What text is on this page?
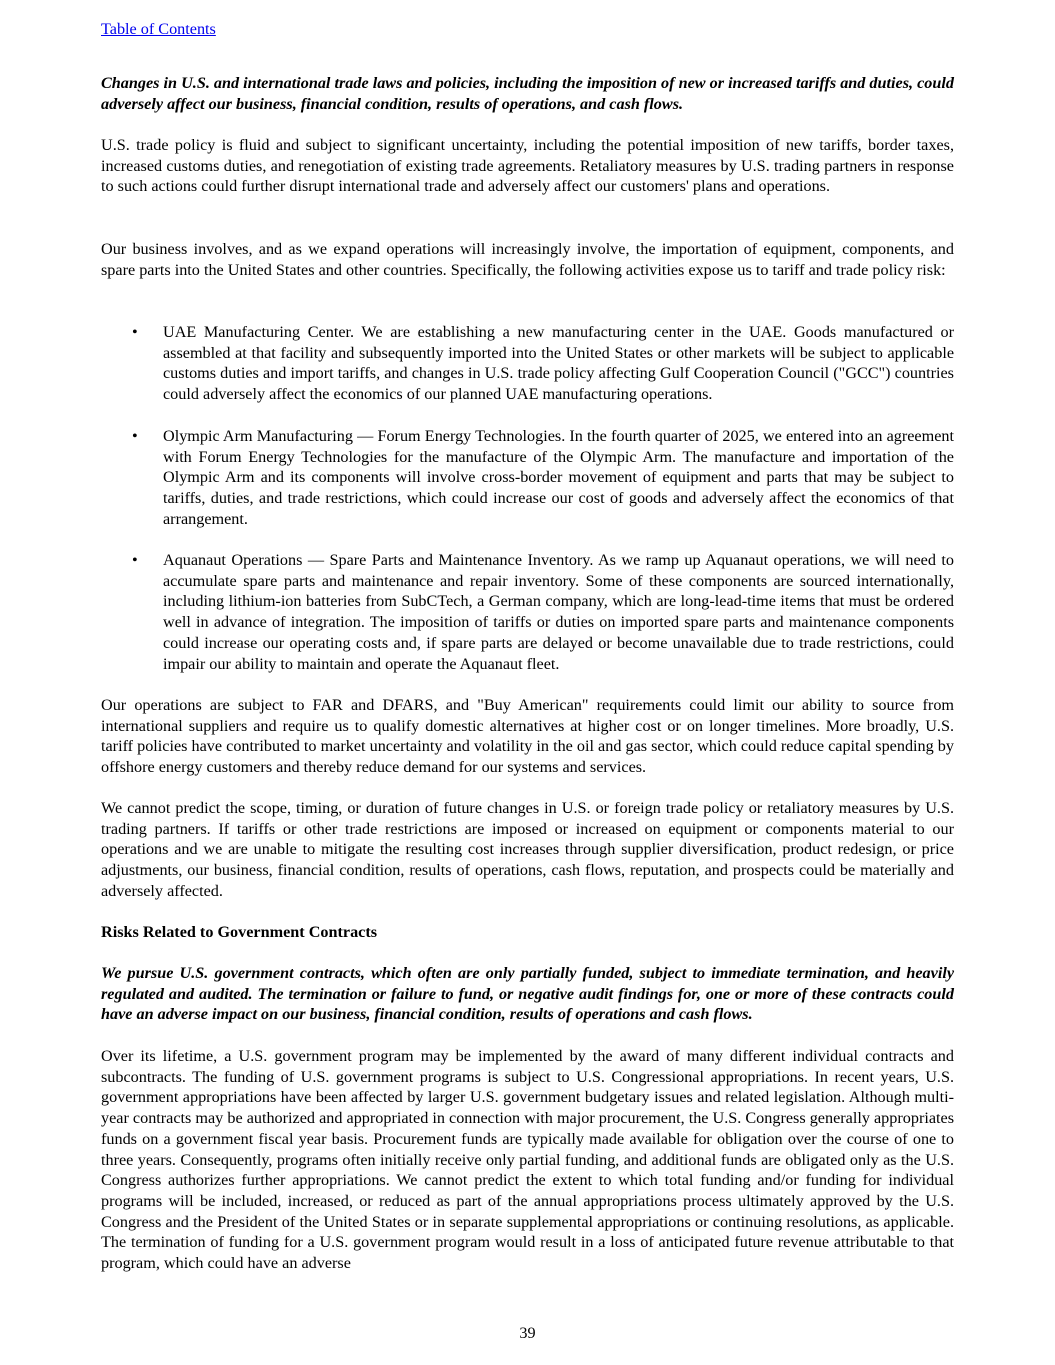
Table of Contents

Changes in U.S. and international trade laws and policies, including the imposition of new or increased tariffs and duties, could adversely affect our business, financial condition, results of operations, and cash flows.

U.S. trade policy is fluid and subject to significant uncertainty, including the potential imposition of new tariffs, border taxes, increased customs duties, and renegotiation of existing trade agreements. Retaliatory measures by U.S. trading partners in response to such actions could further disrupt international trade and adversely affect our customers' plans and operations.

Our business involves, and as we expand operations will increasingly involve, the importation of equipment, components, and spare parts into the United States and other countries. Specifically, the following activities expose us to tariff and trade policy risk:

• UAE Manufacturing Center. We are establishing a new manufacturing center in the UAE. Goods manufactured or assembled at that facility and subsequently imported into the United States or other markets will be subject to applicable customs duties and import tariffs, and changes in U.S. trade policy affecting Gulf Cooperation Council ("GCC") countries could adversely affect the economics of our planned UAE manufacturing operations.

• Olympic Arm Manufacturing — Forum Energy Technologies. In the fourth quarter of 2025, we entered into an agreement with Forum Energy Technologies for the manufacture of the Olympic Arm. The manufacture and importation of the Olympic Arm and its components will involve cross-border movement of equipment and parts that may be subject to tariffs, duties, and trade restrictions, which could increase our cost of goods and adversely affect the economics of that arrangement.

• Aquanaut Operations — Spare Parts and Maintenance Inventory. As we ramp up Aquanaut operations, we will need to accumulate spare parts and maintenance and repair inventory. Some of these components are sourced internationally, including lithium-ion batteries from SubCTech, a German company, which are long-lead-time items that must be ordered well in advance of integration. The imposition of tariffs or duties on imported spare parts and maintenance components could increase our operating costs and, if spare parts are delayed or become unavailable due to trade restrictions, could impair our ability to maintain and operate the Aquanaut fleet.

Our operations are subject to FAR and DFARS, and "Buy American" requirements could limit our ability to source from international suppliers and require us to qualify domestic alternatives at higher cost or on longer timelines. More broadly, U.S. tariff policies have contributed to market uncertainty and volatility in the oil and gas sector, which could reduce capital spending by offshore energy customers and thereby reduce demand for our systems and services.

We cannot predict the scope, timing, or duration of future changes in U.S. or foreign trade policy or retaliatory measures by U.S. trading partners. If tariffs or other trade restrictions are imposed or increased on equipment or components material to our operations and we are unable to mitigate the resulting cost increases through supplier diversification, product redesign, or price adjustments, our business, financial condition, results of operations, cash flows, reputation, and prospects could be materially and adversely affected.

Risks Related to Government Contracts

We pursue U.S. government contracts, which often are only partially funded, subject to immediate termination, and heavily regulated and audited. The termination or failure to fund, or negative audit findings for, one or more of these contracts could have an adverse impact on our business, financial condition, results of operations and cash flows.

Over its lifetime, a U.S. government program may be implemented by the award of many different individual contracts and subcontracts. The funding of U.S. government programs is subject to U.S. Congressional appropriations. In recent years, U.S. government appropriations have been affected by larger U.S. government budgetary issues and related legislation. Although multi-year contracts may be authorized and appropriated in connection with major procurement, the U.S. Congress generally appropriates funds on a government fiscal year basis. Procurement funds are typically made available for obligation over the course of one to three years. Consequently, programs often initially receive only partial funding, and additional funds are obligated only as the U.S. Congress authorizes further appropriations. We cannot predict the extent to which total funding and/or funding for individual programs will be included, increased, or reduced as part of the annual appropriations process ultimately approved by the U.S. Congress and the President of the United States or in separate supplemental appropriations or continuing resolutions, as applicable. The termination of funding for a U.S. government program would result in a loss of anticipated future revenue attributable to that program, which could have an adverse

39
